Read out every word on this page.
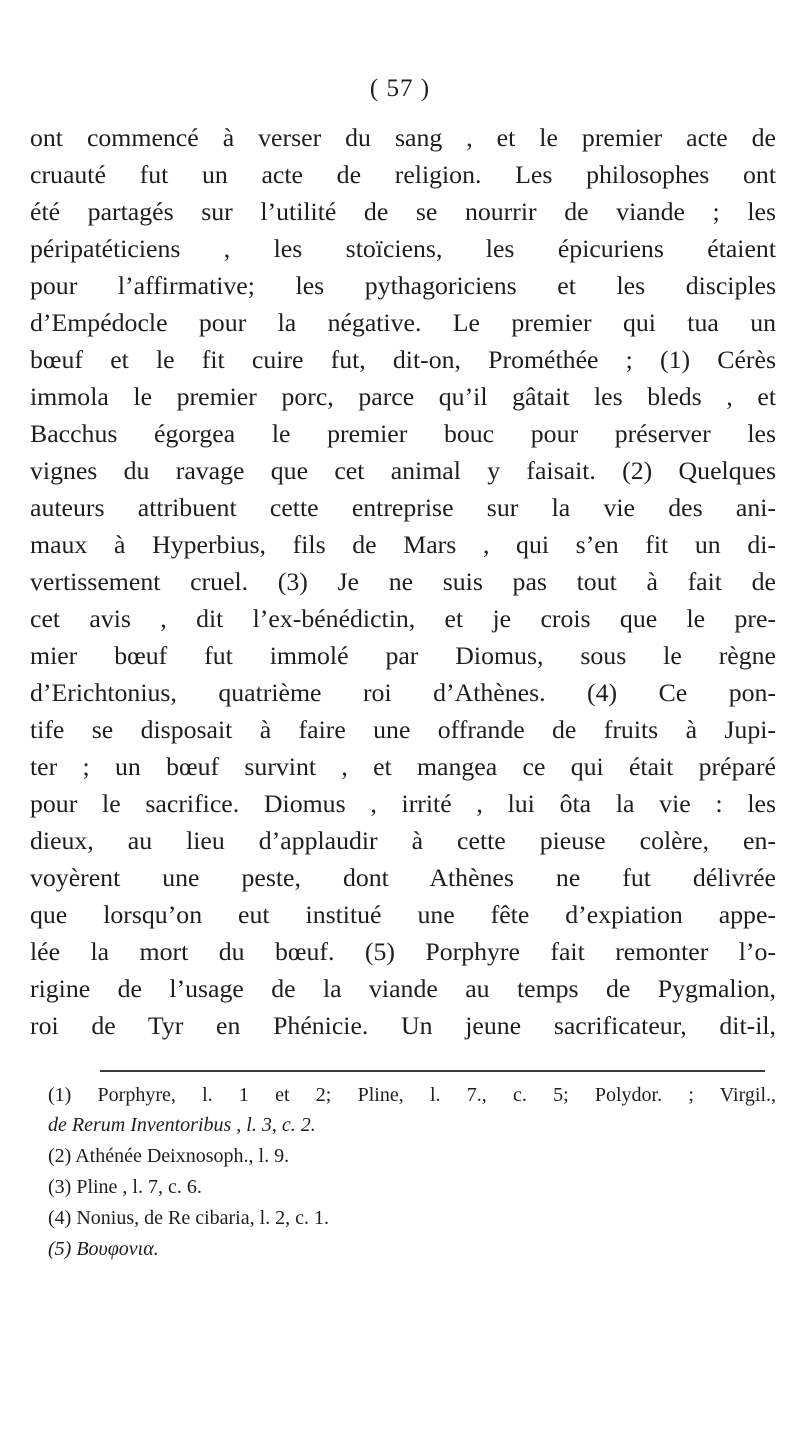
( 57 )
ont commencé à verser du sang , et le premier acte de
cruauté fut un acte de religion. Les philosophes ont
été partagés sur l’utilité de se nourrir de viande ; les
péripatéticiens , les stoïciens, les épicuriens étaient
pour l’affirmative; les pythagoriciens et les disciples
d’Empédocle pour la négative. Le premier qui tua un
bœuf et le fit cuire fut, dit-on, Prométhée ; (1) Cérès
immola le premier porc, parce qu’il gâtait les bleds , et
Bacchus égorgea le premier bouc pour préserver les
vignes du ravage que cet animal y faisait. (2) Quelques
auteurs attribuent cette entreprise sur la vie des ani-
maux à Hyperbius, fils de Mars , qui s’en fit un di-
vertissement cruel. (3) Je ne suis pas tout à fait de
cet avis , dit l’ex-bénédictin, et je crois que le pre-
mier bœuf fut immolé par Diomus, sous le règne
d’Erichtonius, quatrième roi d’Athènes. (4) Ce pon-
tife se disposait à faire une offrande de fruits à Jupi-
ter ; un bœuf survint , et mangea ce qui était préparé
pour le sacrifice. Diomus , irrité , lui ôta la vie : les
dieux, au lieu d’applaudir à cette pieuse colère, en-
voyèrent une peste, dont Athènes ne fut délivrée
que lorsqu’on eut institué une fête d’expiation appe-
lée la mort du bœuf. (5) Porphyre fait remonter l’o-
rigine de l’usage de la viande au temps de Pygmalion,
roi de Tyr en Phénicie. Un jeune sacrificateur, dit-il,
(1) Porphyre, l. 1 et 2; Pline, l. 7., c. 5; Polydor. ; Virgil.,
de Rerum Inventoribus , l. 3, c. 2.
(2) Athénée Deixnosoph., l. 9.
(3) Pline , l. 7, c. 6.
(4) Nonius, de Re cibaria, l. 2, c. 1.
(5) Βουφονια.
